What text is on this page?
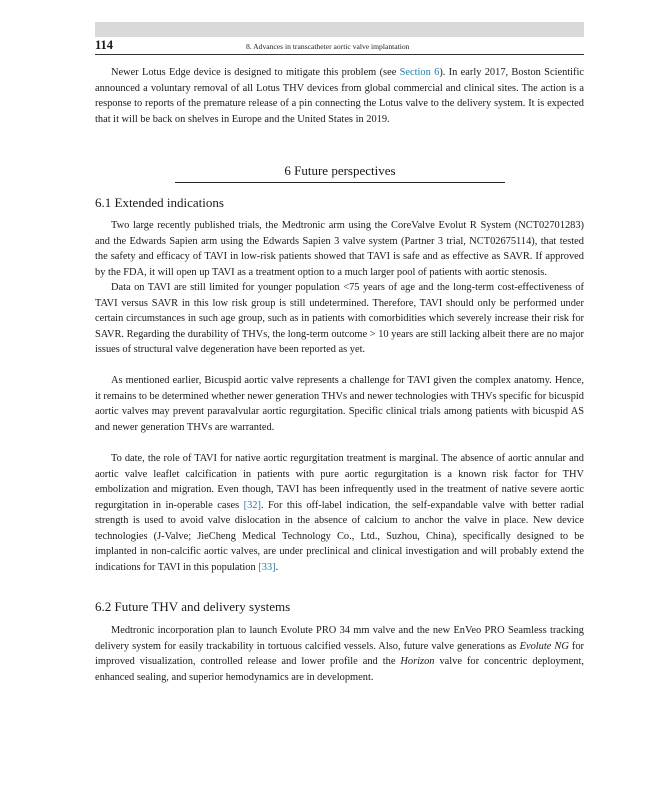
114	8. Advances in transcatheter aortic valve implantation

Newer Lotus Edge device is designed to mitigate this problem (see Section 6). In early 2017, Boston Scientific announced a voluntary removal of all Lotus THV devices from global commercial and clinical sites. The action is a response to reports of the premature release of a pin connecting the Lotus valve to the delivery system. It is expected that it will be back on shelves in Europe and the United States in 2019.

6 Future perspectives
6.1 Extended indications

Two large recently published trials, the Medtronic arm using the CoreValve Evolut R System (NCT02701283) and the Edwards Sapien arm using the Edwards Sapien 3 valve system (Partner 3 trial, NCT02675114), that tested the safety and efficacy of TAVI in low-risk patients showed that TAVI is safe and as effective as SAVR. If approved by the FDA, it will open up TAVI as a treatment option to a much larger pool of patients with aortic stenosis.

Data on TAVI are still limited for younger population <75 years of age and the long-term cost-effectiveness of TAVI versus SAVR in this low risk group is still undetermined. Therefore, TAVI should only be performed under certain circumstances in such age group, such as in patients with comorbidities which severely increase their risk for SAVR. Regarding the durability of THVs, the long-term outcome > 10 years are still lacking albeit there are no major issues of structural valve degeneration have been reported as yet.

As mentioned earlier, Bicuspid aortic valve represents a challenge for TAVI given the complex anatomy. Hence, it remains to be determined whether newer generation THVs and newer technologies with THVs specific for bicuspid aortic valves may prevent paravalvular aortic regurgitation. Specific clinical trials among patients with bicuspid AS and newer generation THVs are warranted.

To date, the role of TAVI for native aortic regurgitation treatment is marginal. The absence of aortic annular and aortic valve leaflet calcification in patients with pure aortic regurgitation is a known risk factor for THV embolization and migration. Even though, TAVI has been infrequently used in the treatment of native severe aortic regurgitation in in-operable cases [32]. For this off-label indication, the self-expandable valve with better radial strength is used to avoid valve dislocation in the absence of calcium to anchor the valve in place. New device technologies (J-Valve; JieCheng Medical Technology Co., Ltd., Suzhou, China), specifically designed to be implanted in non-calcific aortic valves, are under preclinical and clinical investigation and will probably extend the indications for TAVI in this population [33].

6.2 Future THV and delivery systems

Medtronic incorporation plan to launch Evolute PRO 34 mm valve and the new EnVeo PRO Seamless tracking delivery system for easily trackability in tortuous calcified vessels. Also, future valve generations as Evolute NG for improved visualization, controlled release and lower profile and the Horizon valve for concentric deployment, enhanced sealing, and superior hemodynamics are in development.
